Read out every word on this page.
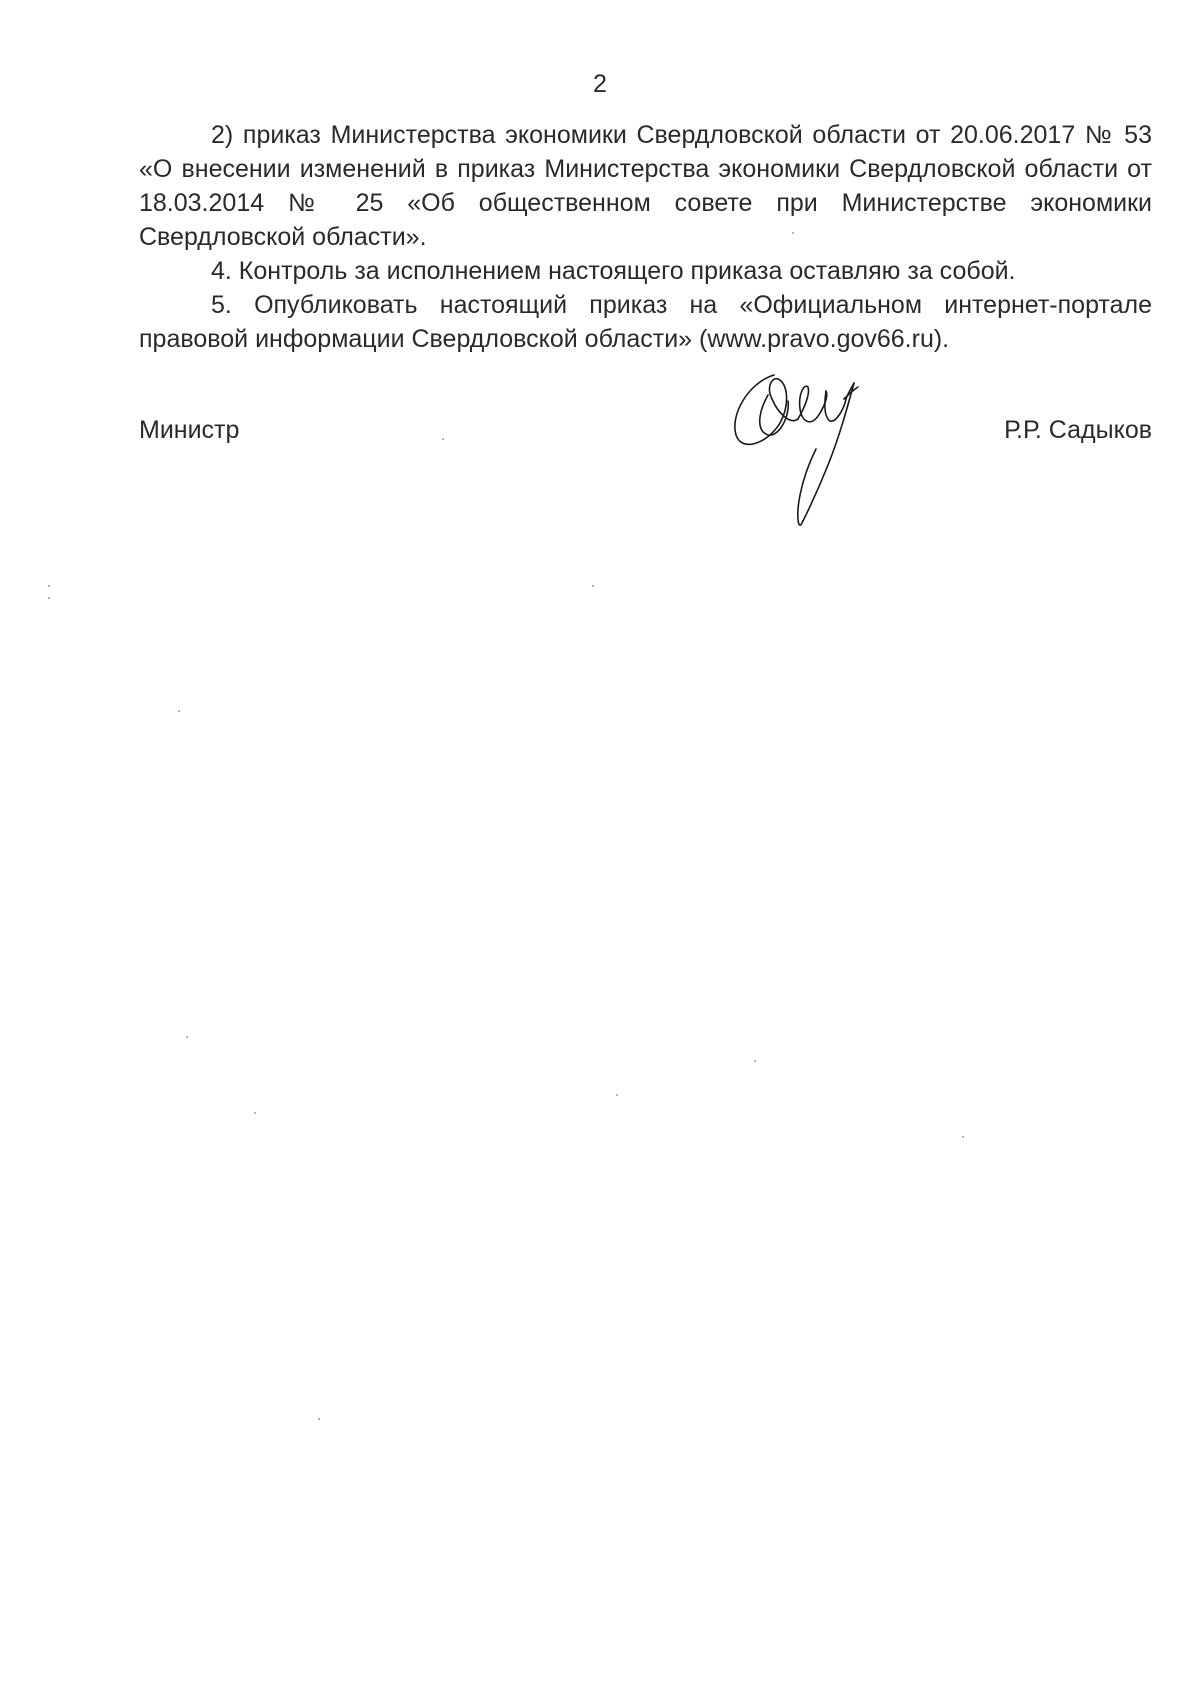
2

2) приказ Министерства экономики Свердловской области от 20.06.2017 № 53 «О внесении изменений в приказ Министерства экономики Свердловской области от 18.03.2014 № 25 «Об общественном совете при Министерстве экономики Свердловской области».

4. Контроль за исполнением настоящего приказа оставляю за собой.

5. Опубликовать настоящий приказ на «Официальном интернет-портале правовой информации Свердловской области» (www.pravo.gov66.ru).

Министр	Р.Р. Садыков
